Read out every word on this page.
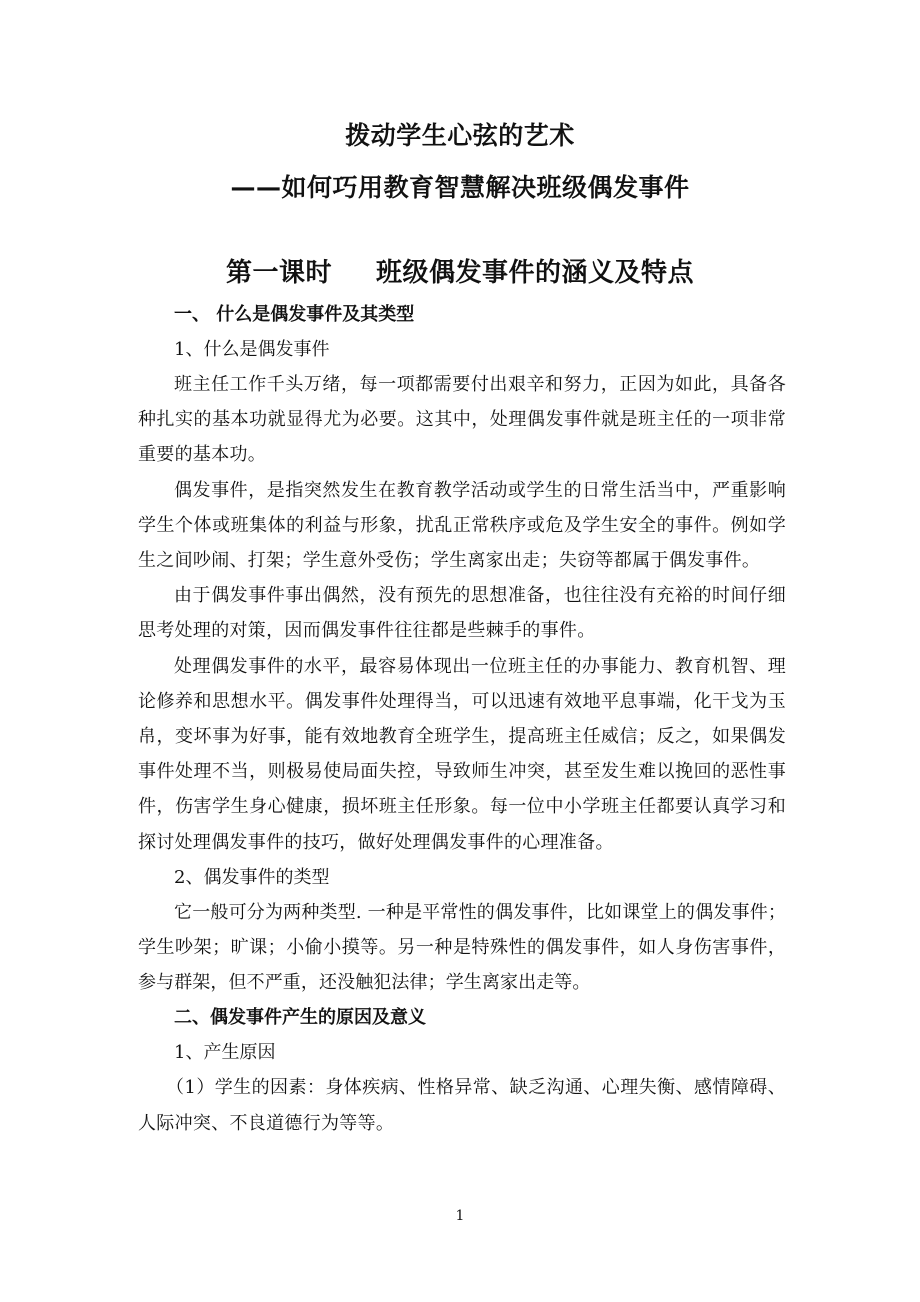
拨动学生心弦的艺术
——如何巧用教育智慧解决班级偶发事件
第一课时 班级偶发事件的涵义及特点

一、 什么是偶发事件及其类型

1、什么是偶发事件

班主任工作千头万绪，每一项都需要付出艰辛和努力，正因为如此，具备各种扎实的基本功就显得尤为必要。这其中，处理偶发事件就是班主任的一项非常重要的基本功。

偶发事件，是指突然发生在教育教学活动或学生的日常生活当中，严重影响学生个体或班集体的利益与形象，扰乱正常秩序或危及学生安全的事件。例如学生之间吵闹、打架；学生意外受伤；学生离家出走；失窃等都属于偶发事件。

由于偶发事件事出偶然，没有预先的思想准备，也往往没有充裕的时间仔细思考处理的对策，因而偶发事件往往都是些棘手的事件。

处理偶发事件的水平，最容易体现出一位班主任的办事能力、教育机智、理论修养和思想水平。偶发事件处理得当，可以迅速有效地平息事端，化干戈为玉帛，变坏事为好事，能有效地教育全班学生，提高班主任威信；反之，如果偶发事件处理不当，则极易使局面失控，导致师生冲突，甚至发生难以挽回的恶性事件，伤害学生身心健康，损坏班主任形象。每一位中小学班主任都要认真学习和探讨处理偶发事件的技巧，做好处理偶发事件的心理准备。

2、偶发事件的类型

它一般可分为两种类型. 一种是平常性的偶发事件，比如课堂上的偶发事件；学生吵架；旷课；小偷小摸等。另一种是特殊性的偶发事件，如人身伤害事件，参与群架，但不严重，还没触犯法律；学生离家出走等。

二、偶发事件产生的原因及意义

1、产生原因

（1）学生的因素：身体疾病、性格异常、缺乏沟通、心理失衡、感情障碍、人际冲突、不良道德行为等等。

1
